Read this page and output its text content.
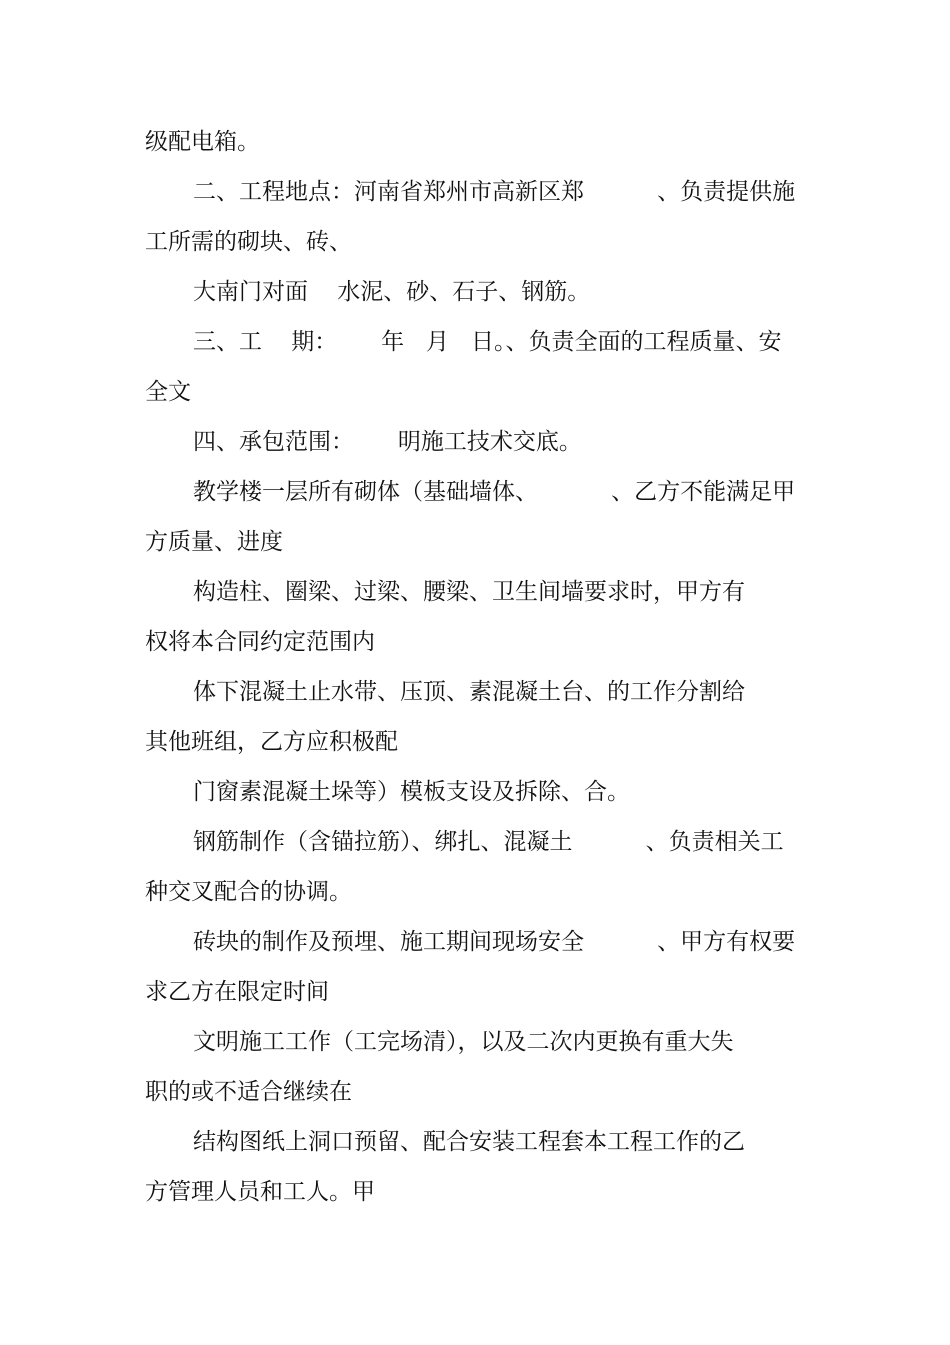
级配电箱。
二、工程地点：河南省郑州市高新区郑          、负责提供施
工所需的砌块、砖、
大南门对面    水泥、砂、石子、钢筋。
三、工    期：      年   月   日。、负责全面的工程质量、安
全文
四、承包范围：      明施工技术交底。
教学楼一层所有砌体（基础墙体、          、乙方不能满足甲
方质量、进度
构造柱、圈梁、过梁、腰梁、卫生间墙要求时，甲方有
权将本合同约定范围内
体下混凝土止水带、压顶、素混凝土台、的工作分割给
其他班组，乙方应积极配
门窗素混凝土垛等）模板支设及拆除、合。
钢筋制作（含锚拉筋）、绑扎、混凝土          、负责相关工
种交叉配合的协调。
砖块的制作及预埋、施工期间现场安全          、甲方有权要
求乙方在限定时间
文明施工工作（工完场清），以及二次内更换有重大失
职的或不适合继续在
结构图纸上洞口预留、配合安装工程套本工程工作的乙
方管理人员和工人。甲
